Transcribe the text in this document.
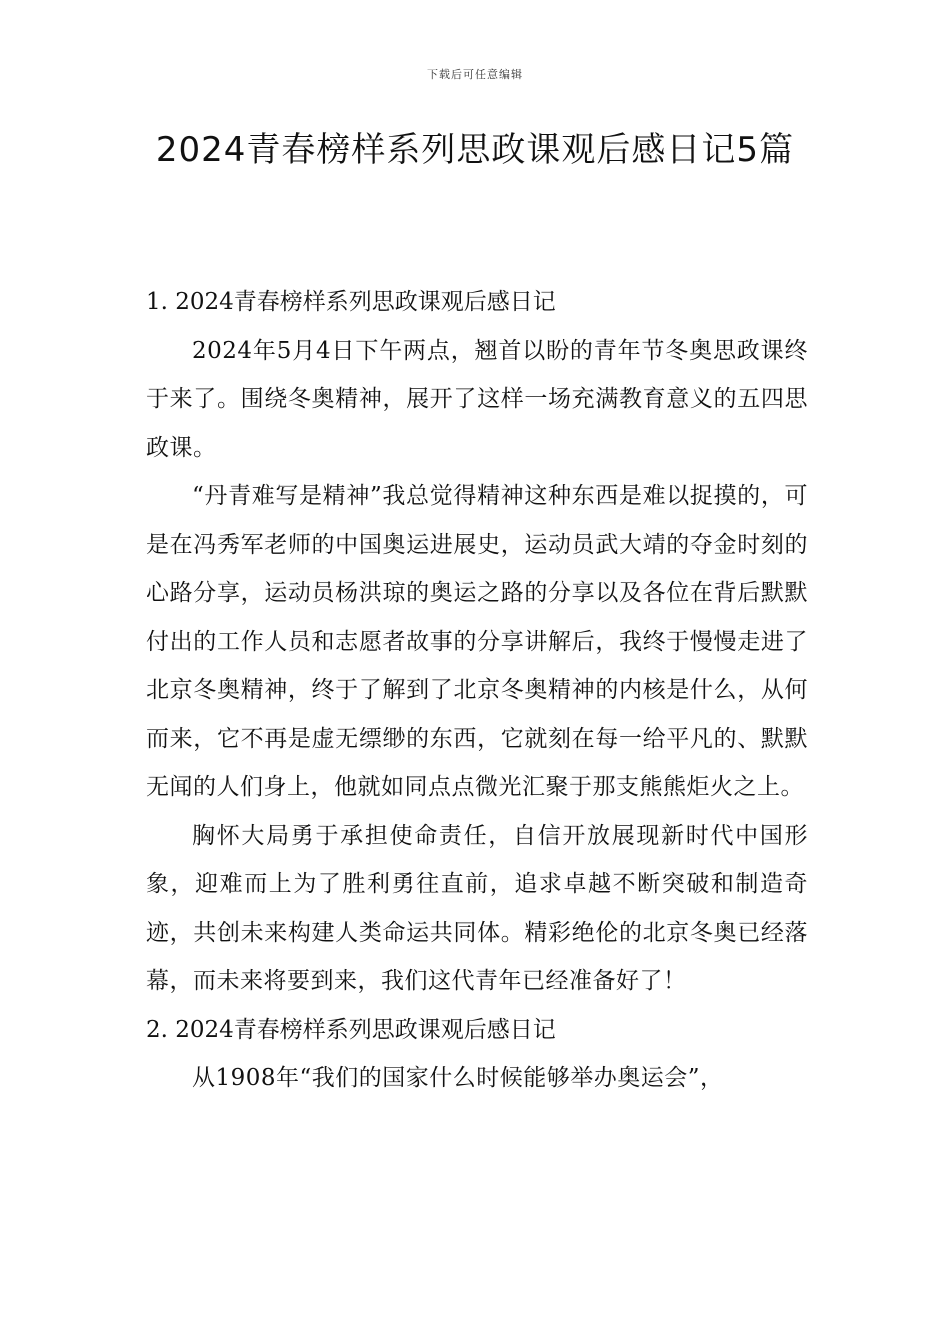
下载后可任意编辑
2024青春榜样系列思政课观后感日记5篇
1. 2024青春榜样系列思政课观后感日记

2024年5月4日下午两点，翘首以盼的青年节冬奥思政课终于来了。围绕冬奥精神，展开了这样一场充满教育意义的五四思政课。

“丹青难写是精神”我总觉得精神这种东西是难以捉摸的，可是在冯秀军老师的中国奥运进展史，运动员武大靖的夺金时刻的心路分享，运动员杨洪琼的奥运之路的分享以及各位在背后默默付出的工作人员和志愿者故事的分享讲解后，我终于慢慢走进了北京冬奥精神，终于了解到了北京冬奥精神的内核是什么，从何而来，它不再是虚无缥缈的东西，它就刻在每一给平凡的、默默无闻的人们身上，他就如同点点微光汇聚于那支熊熊炬火之上。

胸怀大局勇于承担使命责任，自信开放展现新时代中国形象，迎难而上为了胜利勇往直前，追求卓越不断突破和制造奇迹，共创未来构建人类命运共同体。精彩绝伦的北京冬奥已经落幕，而未来将要到来，我们这代青年已经准备好了！

2. 2024青春榜样系列思政课观后感日记

从1908年“我们的国家什么时候能够举办奥运会”，
